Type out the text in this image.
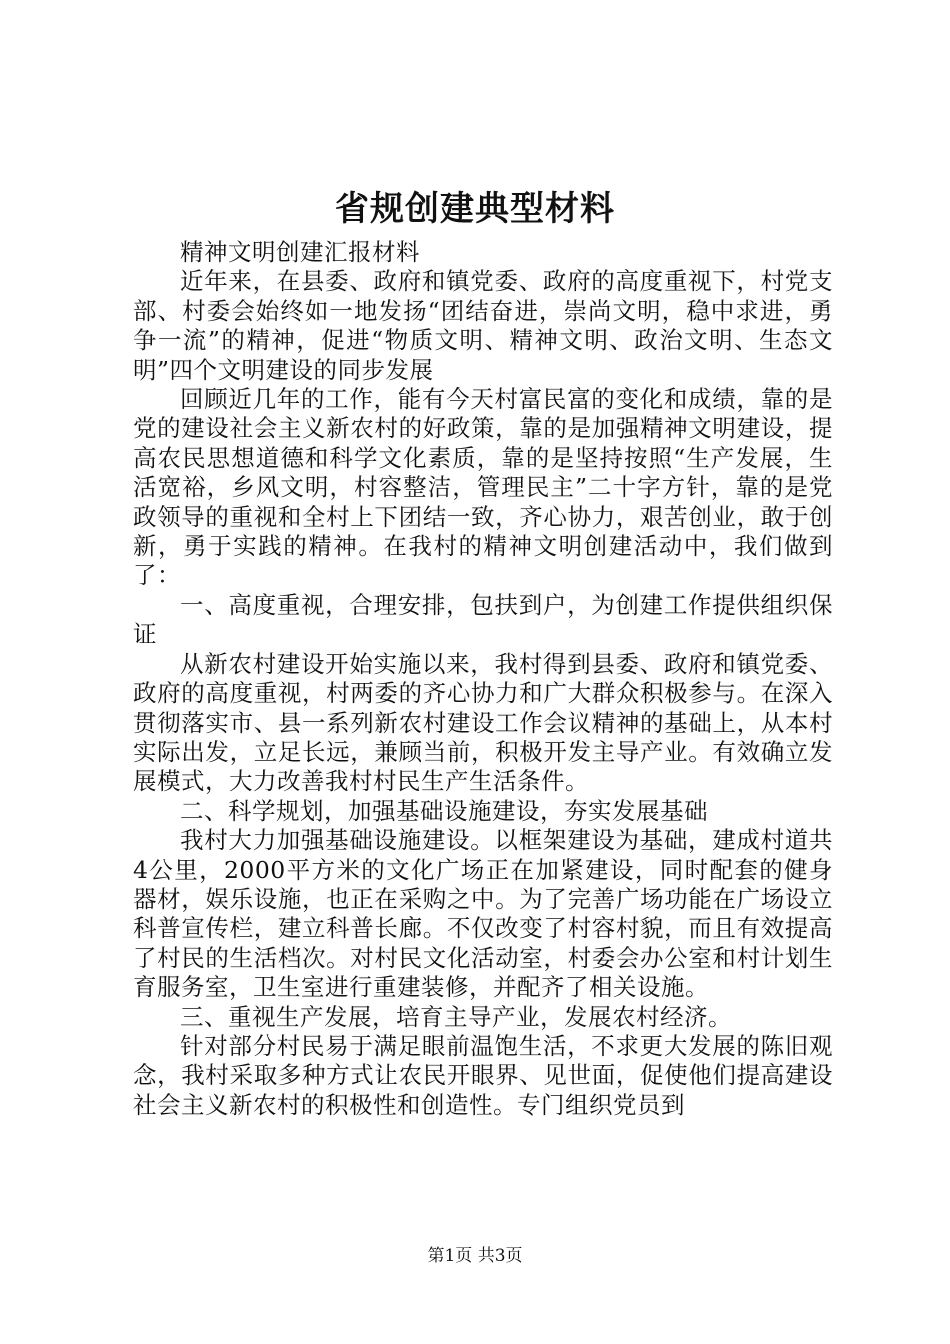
省规创建典型材料

精神文明创建汇报材料

近年来，在县委、政府和镇党委、政府的高度重视下，村党支部、村委会始终如一地发扬“团结奋进，崇尚文明，稳中求进，勇争一流”的精神，促进“物质文明、精神文明、政治文明、生态文明”四个文明建设的同步发展

回顾近几年的工作，能有今天村富民富的变化和成绩，靠的是党的建设社会主义新农村的好政策，靠的是加强精神文明建设，提高农民思想道德和科学文化素质，靠的是坚持按照“生产发展，生活宽裕，乡风文明，村容整洁，管理民主”二十字方针，靠的是党政领导的重视和全村上下团结一致，齐心协力，艰苦创业，敢于创新，勇于实践的精神。在我村的精神文明创建活动中，我们做到了：

一、高度重视，合理安排，包扶到户，为创建工作提供组织保证

从新农村建设开始实施以来，我村得到县委、政府和镇党委、政府的高度重视，村两委的齐心协力和广大群众积极参与。在深入贯彻落实市、县一系列新农村建设工作会议精神的基础上，从本村实际出发，立足长远，兼顾当前，积极开发主导产业。有效确立发展模式，大力改善我村村民生产生活条件。

二、科学规划，加强基础设施建设，夯实发展基础

我村大力加强基础设施建设。以框架建设为基础，建成村道共4公里，2000平方米的文化广场正在加紧建设，同时配套的健身器材，娱乐设施，也正在采购之中。为了完善广场功能在广场设立科普宣传栏，建立科普长廊。不仅改变了村容村貌，而且有效提高了村民的生活档次。对村民文化活动室，村委会办公室和村计划生育服务室，卫生室进行重建装修，并配齐了相关设施。

三、重视生产发展，培育主导产业，发展农村经济。

针对部分村民易于满足眼前温饱生活，不求更大发展的陈旧观念，我村采取多种方式让农民开眼界、见世面，促使他们提高建设社会主义新农村的积极性和创造性。专门组织党员到

第1页 共3页
